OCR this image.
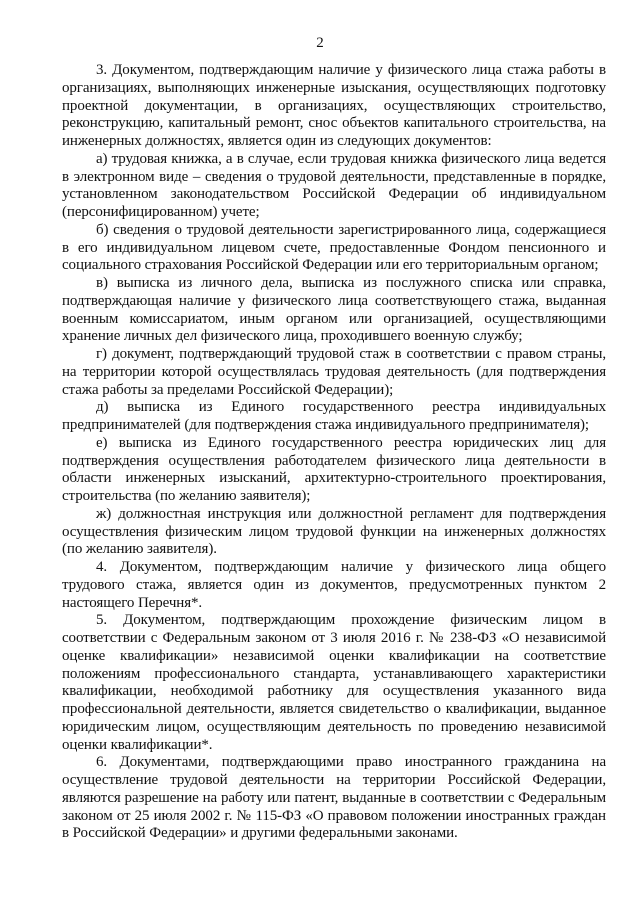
2

3. Документом, подтверждающим наличие у физического лица стажа работы в организациях, выполняющих инженерные изыскания, осуществляющих подготовку проектной документации, в организациях, осуществляющих строительство, реконструкцию, капитальный ремонт, снос объектов капитального строительства, на инженерных должностях, является один из следующих документов:

а) трудовая книжка, а в случае, если трудовая книжка физического лица ведется в электронном виде – сведения о трудовой деятельности, представленные в порядке, установленном законодательством Российской Федерации об индивидуальном (персонифицированном) учете;

б) сведения о трудовой деятельности зарегистрированного лица, содержащиеся в его индивидуальном лицевом счете, предоставленные Фондом пенсионного и социального страхования Российской Федерации или его территориальным органом;

в) выписка из личного дела, выписка из послужного списка или справка, подтверждающая наличие у физического лица соответствующего стажа, выданная военным комиссариатом, иным органом или организацией, осуществляющими хранение личных дел физического лица, проходившего военную службу;

г) документ, подтверждающий трудовой стаж в соответствии с правом страны, на территории которой осуществлялась трудовая деятельность (для подтверждения стажа работы за пределами Российской Федерации);

д) выписка из Единого государственного реестра индивидуальных предпринимателей (для подтверждения стажа индивидуального предпринимателя);

е) выписка из Единого государственного реестра юридических лиц для подтверждения осуществления работодателем физического лица деятельности в области инженерных изысканий, архитектурно-строительного проектирования, строительства (по желанию заявителя);

ж) должностная инструкция или должностной регламент для подтверждения осуществления физическим лицом трудовой функции на инженерных должностях (по желанию заявителя).

4. Документом, подтверждающим наличие у физического лица общего трудового стажа, является один из документов, предусмотренных пунктом 2 настоящего Перечня*.

5. Документом, подтверждающим прохождение физическим лицом в соответствии с Федеральным законом от 3 июля 2016 г. № 238-ФЗ «О независимой оценке квалификации» независимой оценки квалификации на соответствие положениям профессионального стандарта, устанавливающего характеристики квалификации, необходимой работнику для осуществления указанного вида профессиональной деятельности, является свидетельство о квалификации, выданное юридическим лицом, осуществляющим деятельность по проведению независимой оценки квалификации*.

6. Документами, подтверждающими право иностранного гражданина на осуществление трудовой деятельности на территории Российской Федерации, являются разрешение на работу или патент, выданные в соответствии с Федеральным законом от 25 июля 2002 г. № 115-ФЗ «О правовом положении иностранных граждан в Российской Федерации» и другими федеральными законами.
